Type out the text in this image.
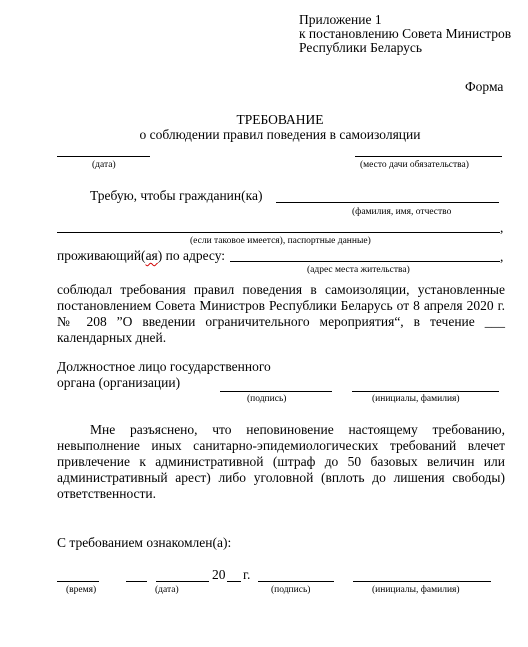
Приложение 1
к постановлению Совета Министров
Республики Беларусь
Форма
ТРЕБОВАНИЕ
о соблюдении правил поведения в самоизоляции
(дата)	(место дачи обязательства)
Требую, чтобы гражданин(ка)
(фамилия, имя, отчество
,
(если таковое имеется), паспортные данные)
проживающий(ая) по адресу:	,
(адрес места жительства)
соблюдал требования правил поведения в самоизоляции, установленные постановлением Совета Министров Республики Беларусь от 8 апреля 2020 г. № 208 ”О введении ограничительного мероприятия“, в течение ___ календарных дней.
Должностное лицо государственного
органа (организации)
(подпись)	(инициалы, фамилия)
Мне разъяснено, что неповиновение настоящему требованию, невыполнение иных санитарно-эпидемиологических требований влечет привлечение к административной (штраф до 50 базовых величин или административный арест) либо уголовной (вплоть до лишения свободы) ответственности.
С требованием ознакомлен(а):
20 г.
(время)	(дата)	(подпись)	(инициалы, фамилия)
